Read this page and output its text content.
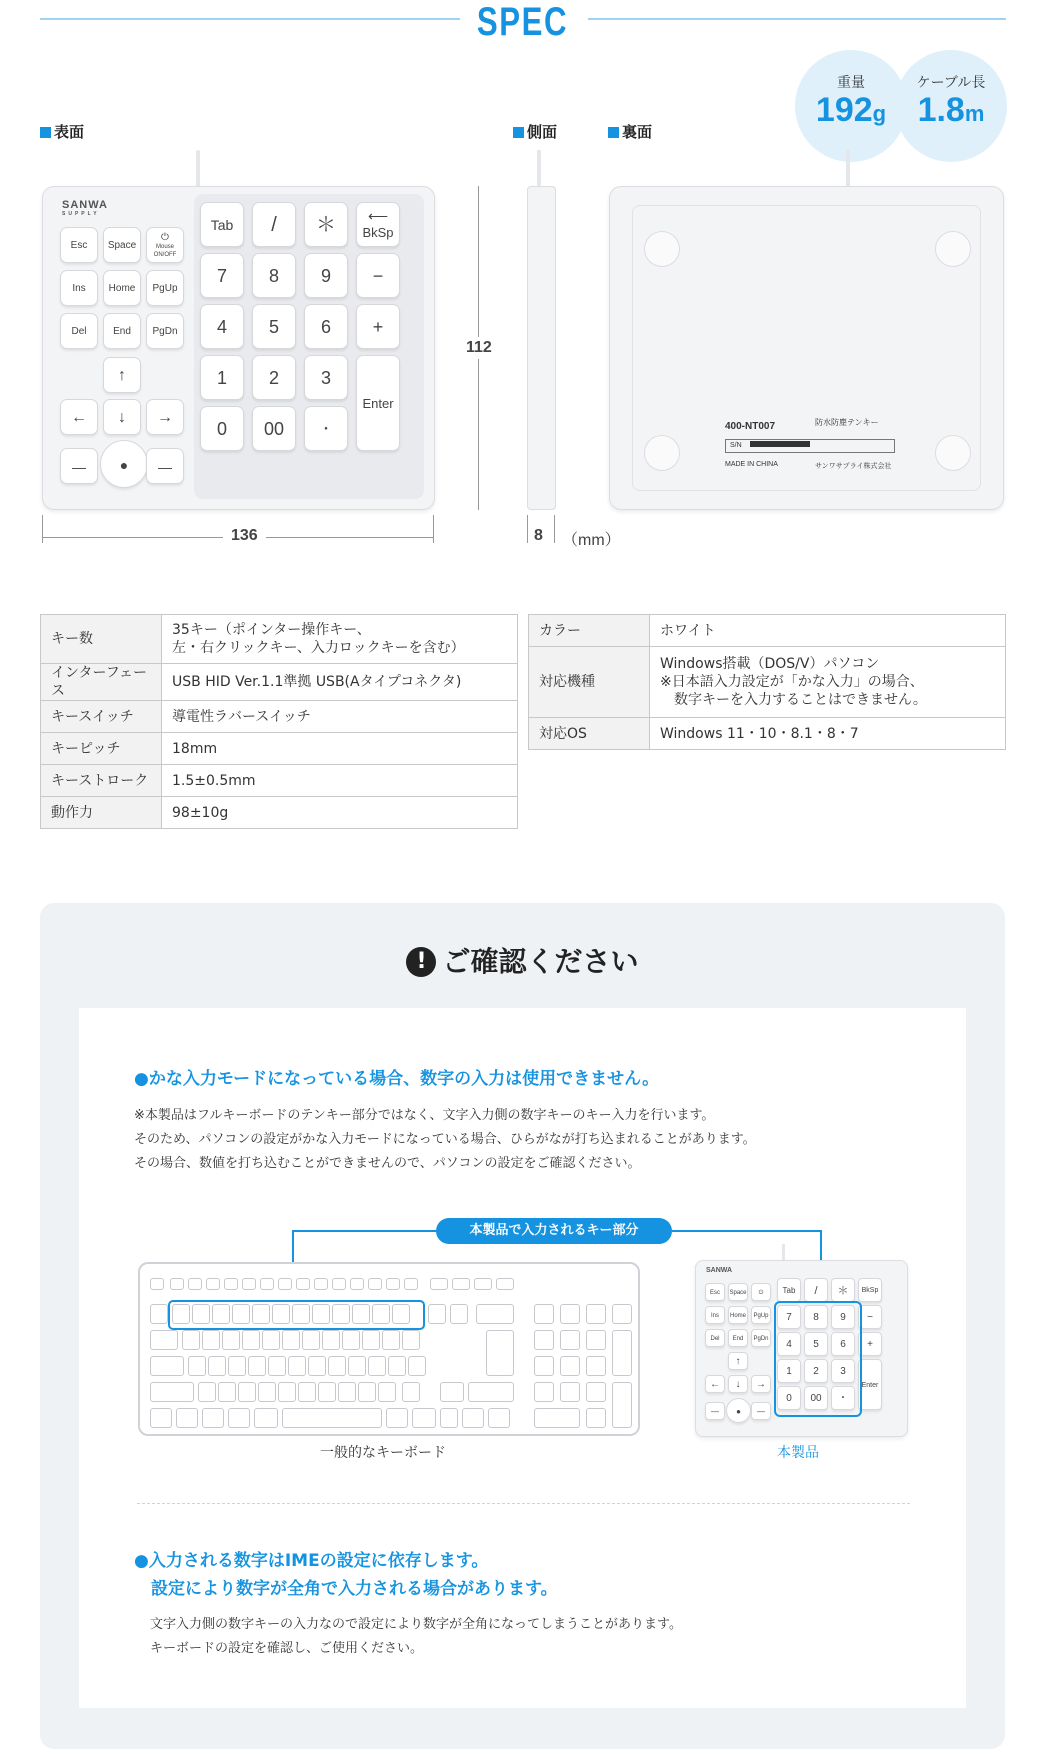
SPEC
重量
192g
ケーブル長
1.8m
表面	側面	裏面
SANWA
SUPPLY
Esc	Space
⏻
Mouse ON/OFF
Ins	Home	PgUp
Del	End	PgDn
↑
←	↓	→
—	●	—
Tab	/	＊	⟵
BkSp
7	8	9	−
4	5	6	+
1	2	3
Enter
0	00	・
112
136	8 （mm）
400-NT007	防水防塵テンキー
S/N
MADE IN CHINA	サンワサプライ株式会社
キー数	35キー（ポインター操作キー、
左・右クリックキー、入力ロックキーを含む）
インターフェース	USB HID Ver.1.1準拠 USB(Aタイプコネクタ)
キースイッチ	導電性ラバースイッチ
キーピッチ	18mm
キーストローク	1.5±0.5mm
動作力	98±10g
カラー	ホワイト
対応機種	Windows搭載（DOS/V）パソコン
※日本語入力設定が「かな入力」の場合、
　数字キーを入力することはできません。
対応OS	Windows 11・10・8.1・8・7
! ご確認ください
●かな入力モードになっている場合、数字の入力は使用できません。
※本製品はフルキーボードのテンキー部分ではなく、文字入力側の数字キーのキー入力を行います。
そのため、パソコンの設定がかな入力モードになっている場合、ひらがなが打ち込まれることがあります。
その場合、数値を打ち込むことができませんので、パソコンの設定をご確認ください。
本製品で入力されるキー部分
一般的なキーボード
SANWA
Esc	Space	⏻
Ins	Home	PgUp
Del	End	PgDn
↑
←	↓	→
—	●	—
Tab	/	＊	BkSp
7	8	9	−
4	5	6	+
1	2	3
Enter
0	00	・
本製品
●入力される数字はIMEの設定に依存します。
　設定により数字が全角で入力される場合があります。
文字入力側の数字キーの入力なので設定により数字が全角になってしまうことがあります。
キーボードの設定を確認し、ご使用ください。
